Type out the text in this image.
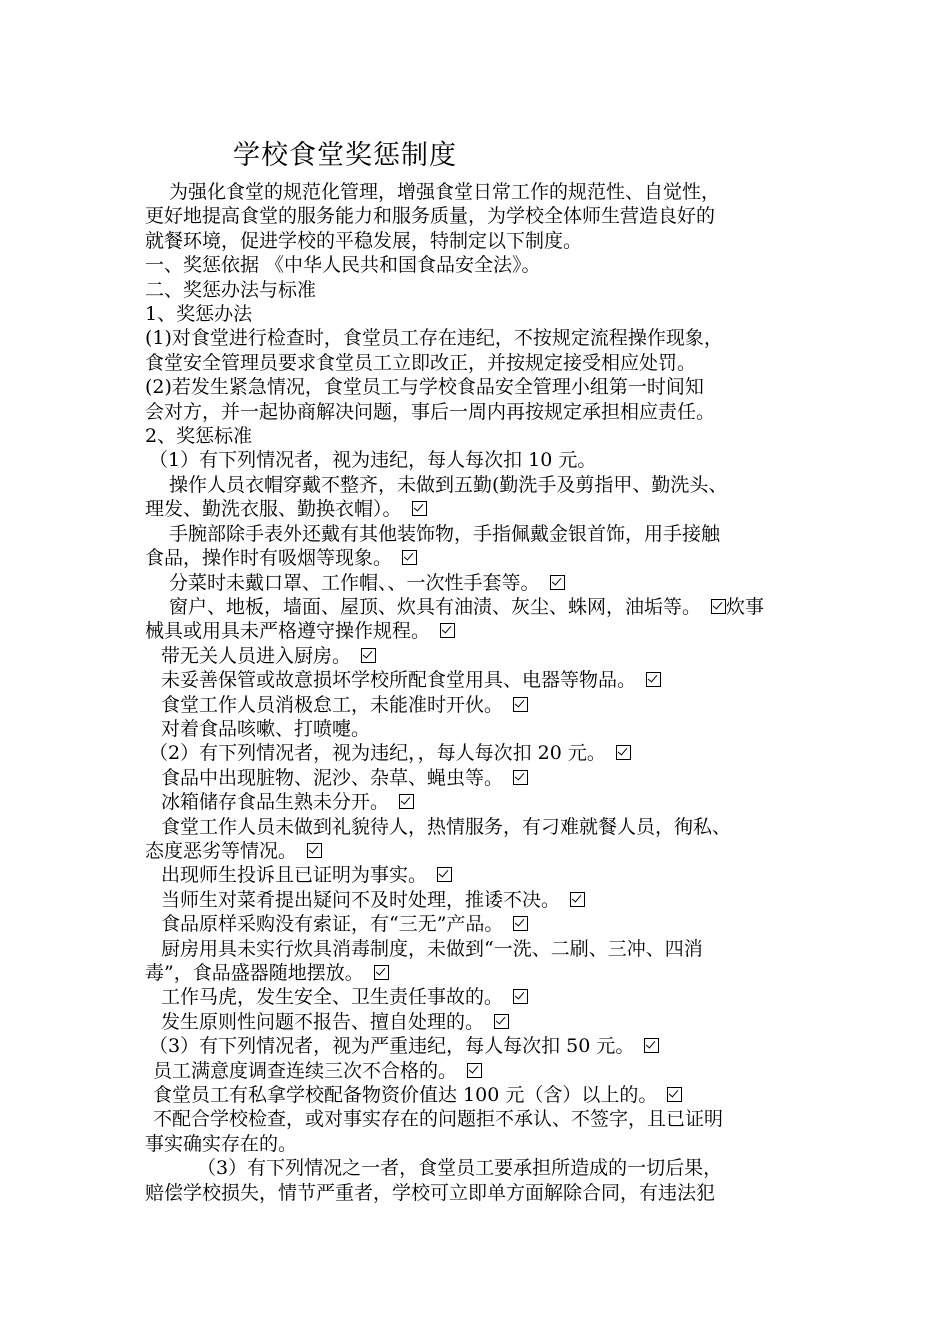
学校食堂奖惩制度
为强化食堂的规范化管理，增强食堂日常工作的规范性、自觉性，
更好地提高食堂的服务能力和服务质量，为学校全体师生营造良好的
就餐环境，促进学校的平稳发展，特制定以下制度。
一、奖惩依据 《中华人民共和国食品安全法》。
二、奖惩办法与标准
1、奖惩办法
(1)对食堂进行检查时，食堂员工存在违纪，不按规定流程操作现象，
食堂安全管理员要求食堂员工立即改正，并按规定接受相应处罚。
(2)若发生紧急情况，食堂员工与学校食品安全管理小组第一时间知
会对方，并一起协商解决问题，事后一周内再按规定承担相应责任。
2、奖惩标准
（1）有下列情况者，视为违纪，每人每次扣 10 元。
操作人员衣帽穿戴不整齐，未做到五勤(勤洗手及剪指甲、勤洗头、
理发、勤洗衣服、勤换衣帽）。
手腕部除手表外还戴有其他装饰物，手指佩戴金银首饰，用手接触
食品，操作时有吸烟等现象。
分菜时未戴口罩、工作帽、、一次性手套等。
窗户、地板，墙面、屋顶、炊具有油渍、灰尘、蛛网，油垢等。 炊事
械具或用具未严格遵守操作规程。
带无关人员进入厨房。
未妥善保管或故意损坏学校所配食堂用具、电器等物品。
食堂工作人员消极怠工，未能准时开伙。
对着食品咳嗽、打喷嚏。
（2）有下列情况者，视为违纪，，每人每次扣 20 元。
食品中出现脏物、泥沙、杂草、蝇虫等。
冰箱储存食品生熟未分开。
食堂工作人员未做到礼貌待人，热情服务，有刁难就餐人员，徇私、
态度恶劣等情况。
出现师生投诉且已证明为事实。
当师生对菜肴提出疑问不及时处理，推诿不决。
食品原样采购没有索证，有“三无”产品。
厨房用具未实行炊具消毒制度，未做到“一洗、二刷、三冲、四消
毒”，食品盛器随地摆放。
工作马虎，发生安全、卫生责任事故的。
发生原则性问题不报告、擅自处理的。
（3）有下列情况者，视为严重违纪，每人每次扣 50 元。
员工满意度调查连续三次不合格的。
食堂员工有私拿学校配备物资价值达 100 元（含）以上的。
不配合学校检查，或对事实存在的问题拒不承认、不签字，且已证明
事实确实存在的。
（3）有下列情况之一者，食堂员工要承担所造成的一切后果，
赔偿学校损失，情节严重者，学校可立即单方面解除合同，有违法犯
